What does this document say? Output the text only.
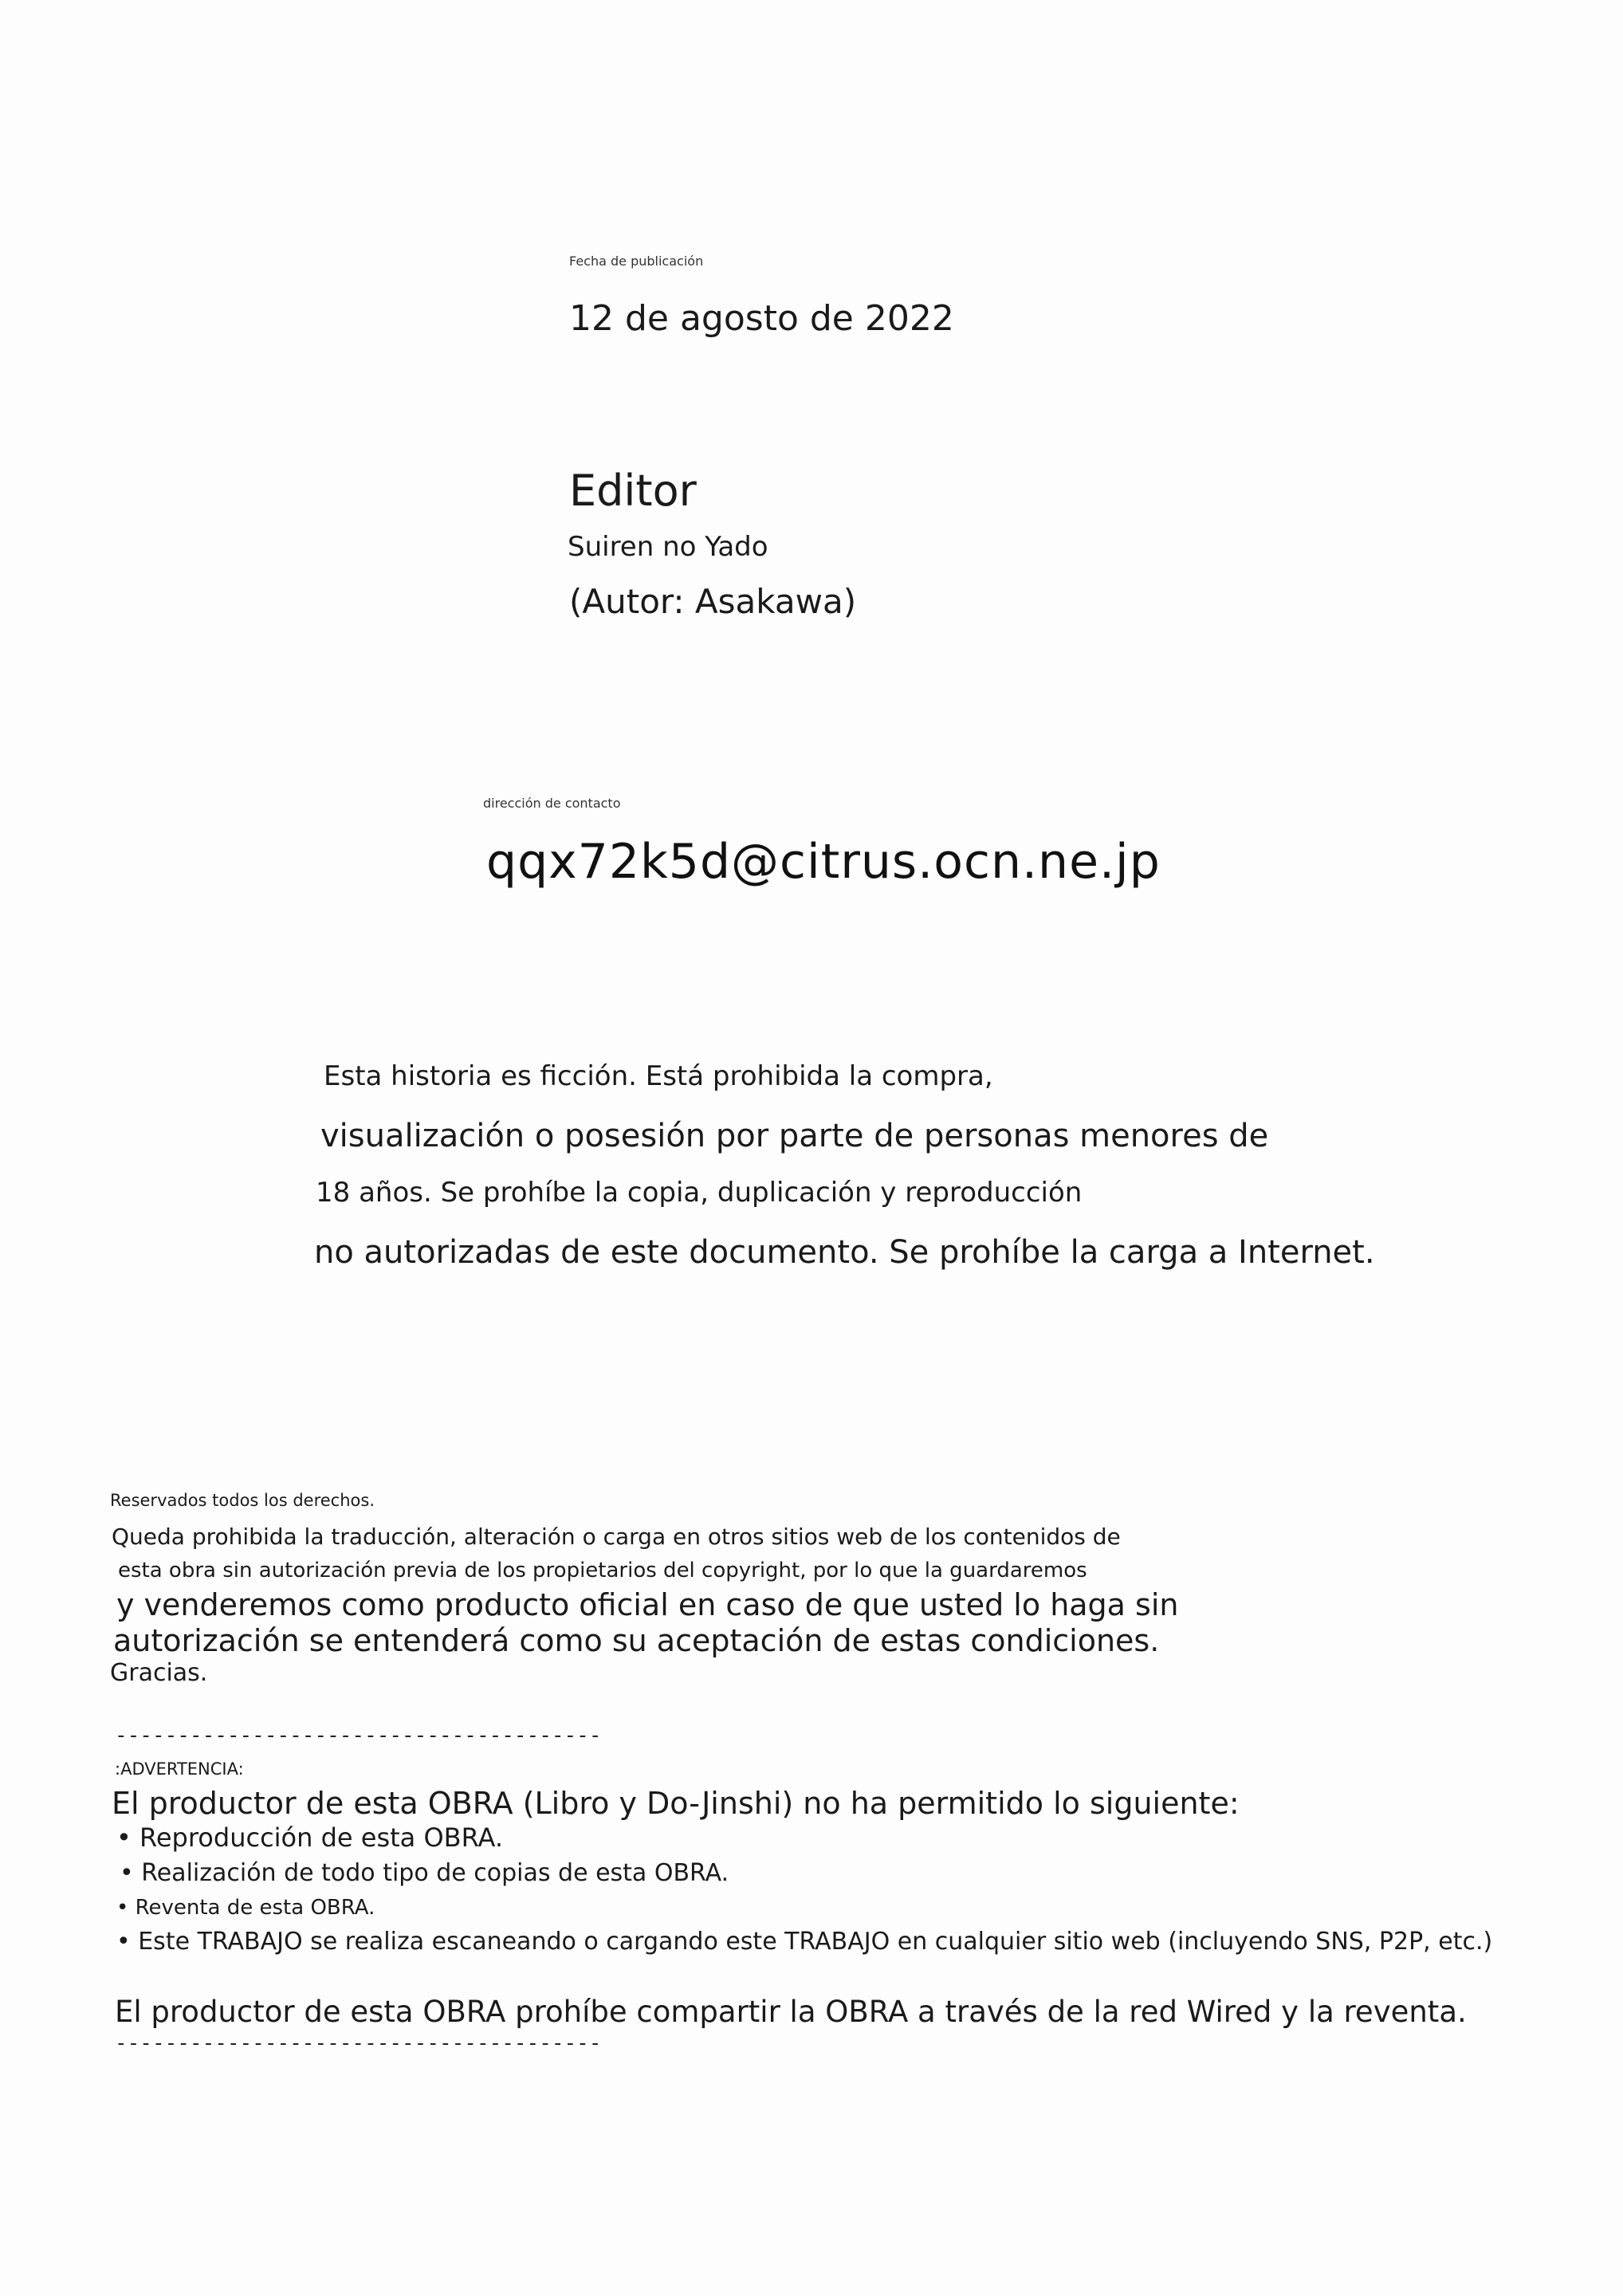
Fecha de publicación
12 de agosto de 2022
Editor
Suiren no Yado
(Autor: Asakawa)
dirección de contacto
qqx72k5d@citrus.ocn.ne.jp
Esta historia es ficción. Está prohibida la compra,
visualización o posesión por parte de personas menores de
18 años. Se prohíbe la copia, duplicación y reproducción
no autorizadas de este documento. Se prohíbe la carga a Internet.
Reservados todos los derechos.
Queda prohibida la traducción, alteración o carga en otros sitios web de los contenidos de
esta obra sin autorización previa de los propietarios del copyright, por lo que la guardaremos
y venderemos como producto oficial en caso de que usted lo haga sin
autorización se entenderá como su aceptación de estas condiciones.
Gracias.
---------------------------------------
:ADVERTENCIA:
El productor de esta OBRA (Libro y Do-Jinshi) no ha permitido lo siguiente:
• Reproducción de esta OBRA.
• Realización de todo tipo de copias de esta OBRA.
• Reventa de esta OBRA.
• Este TRABAJO se realiza escaneando o cargando este TRABAJO en cualquier sitio web (incluyendo SNS, P2P, etc.)
El productor de esta OBRA prohíbe compartir la OBRA a través de la red Wired y la reventa.
---------------------------------------
